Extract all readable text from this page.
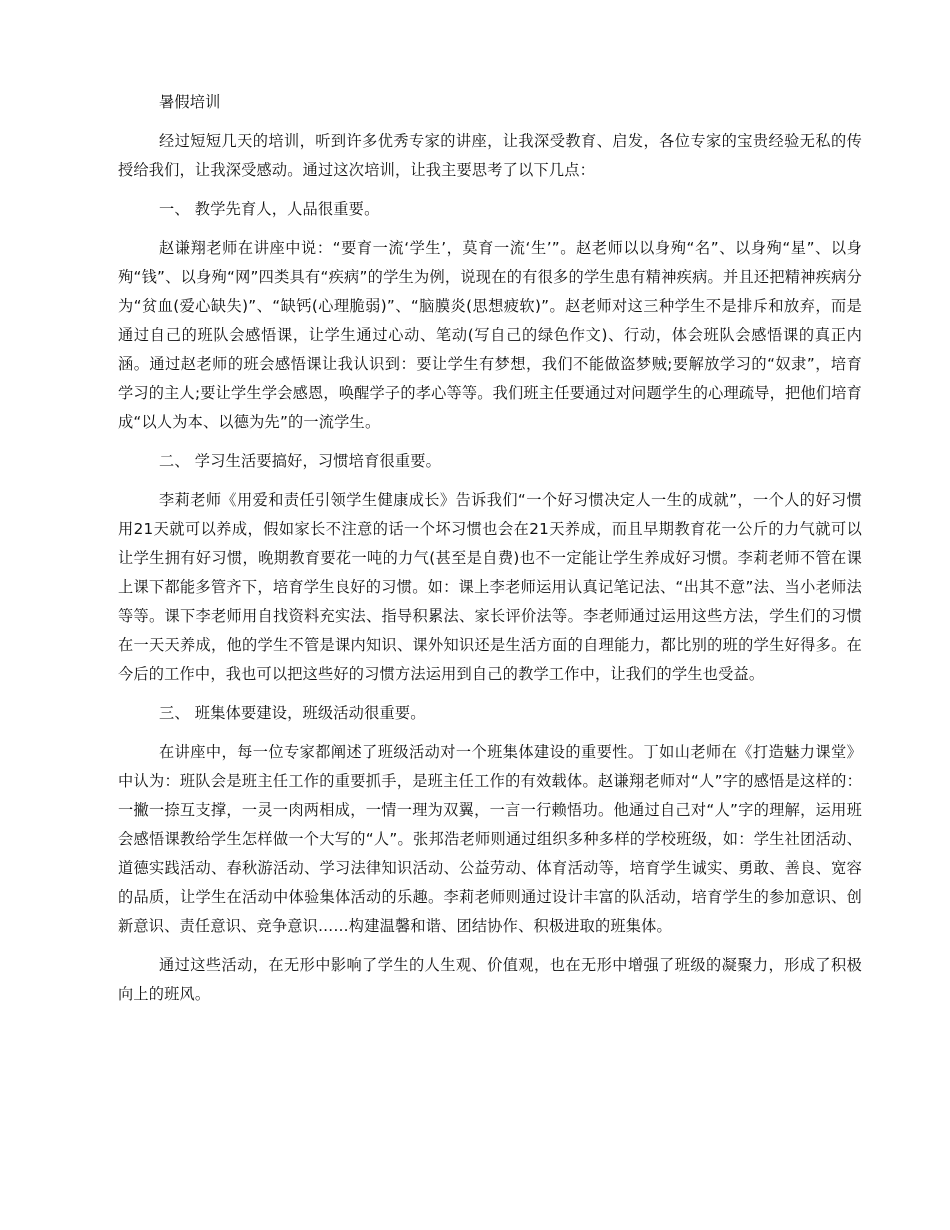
暑假培训

经过短短几天的培训，听到许多优秀专家的讲座，让我深受教育、启发，各位专家的宝贵经验无私的传授给我们，让我深受感动。通过这次培训，让我主要思考了以下几点：

一、 教学先育人，人品很重要。

赵谦翔老师在讲座中说：“要育一流‘学生’，莫育一流‘生’”。赵老师以以身殉“名”、以身殉“星”、以身殉“钱”、以身殉“网”四类具有“疾病”的学生为例，说现在的有很多的学生患有精神疾病。并且还把精神疾病分为“贫血(爱心缺失)”、“缺钙(心理脆弱)”、“脑膜炎(思想疲软)”。赵老师对这三种学生不是排斥和放弃，而是通过自己的班队会感悟课，让学生通过心动、笔动(写自己的绿色作文)、行动，体会班队会感悟课的真正内涵。通过赵老师的班会感悟课让我认识到：要让学生有梦想，我们不能做盗梦贼;要解放学习的“奴隶”，培育学习的主人;要让学生学会感恩，唤醒学子的孝心等等。我们班主任要通过对问题学生的心理疏导，把他们培育成“以人为本、以德为先”的一流学生。

二、 学习生活要搞好，习惯培育很重要。

李莉老师《用爱和责任引领学生健康成长》告诉我们“一个好习惯决定人一生的成就”，一个人的好习惯用21天就可以养成，假如家长不注意的话一个坏习惯也会在21天养成，而且早期教育花一公斤的力气就可以让学生拥有好习惯，晚期教育要花一吨的力气(甚至是自费)也不一定能让学生养成好习惯。李莉老师不管在课上课下都能多管齐下，培育学生良好的习惯。如：课上李老师运用认真记笔记法、“出其不意”法、当小老师法等等。课下李老师用自找资料充实法、指导积累法、家长评价法等。李老师通过运用这些方法，学生们的习惯在一天天养成，他的学生不管是课内知识、课外知识还是生活方面的自理能力，都比别的班的学生好得多。在今后的工作中，我也可以把这些好的习惯方法运用到自己的教学工作中，让我们的学生也受益。

三、 班集体要建设，班级活动很重要。

在讲座中，每一位专家都阐述了班级活动对一个班集体建设的重要性。丁如山老师在《打造魅力课堂》中认为：班队会是班主任工作的重要抓手，是班主任工作的有效载体。赵谦翔老师对“人”字的感悟是这样的：一撇一捺互支撑，一灵一肉两相成，一情一理为双翼，一言一行赖悟功。他通过自己对“人”字的理解，运用班会感悟课教给学生怎样做一个大写的“人”。张邦浩老师则通过组织多种多样的学校班级，如：学生社团活动、道德实践活动、春秋游活动、学习法律知识活动、公益劳动、体育活动等，培育学生诚实、勇敢、善良、宽容的品质，让学生在活动中体验集体活动的乐趣。李莉老师则通过设计丰富的队活动，培育学生的参加意识、创新意识、责任意识、竞争意识……构建温馨和谐、团结协作、积极进取的班集体。

通过这些活动，在无形中影响了学生的人生观、价值观，也在无形中增强了班级的凝聚力，形成了积极向上的班风。
